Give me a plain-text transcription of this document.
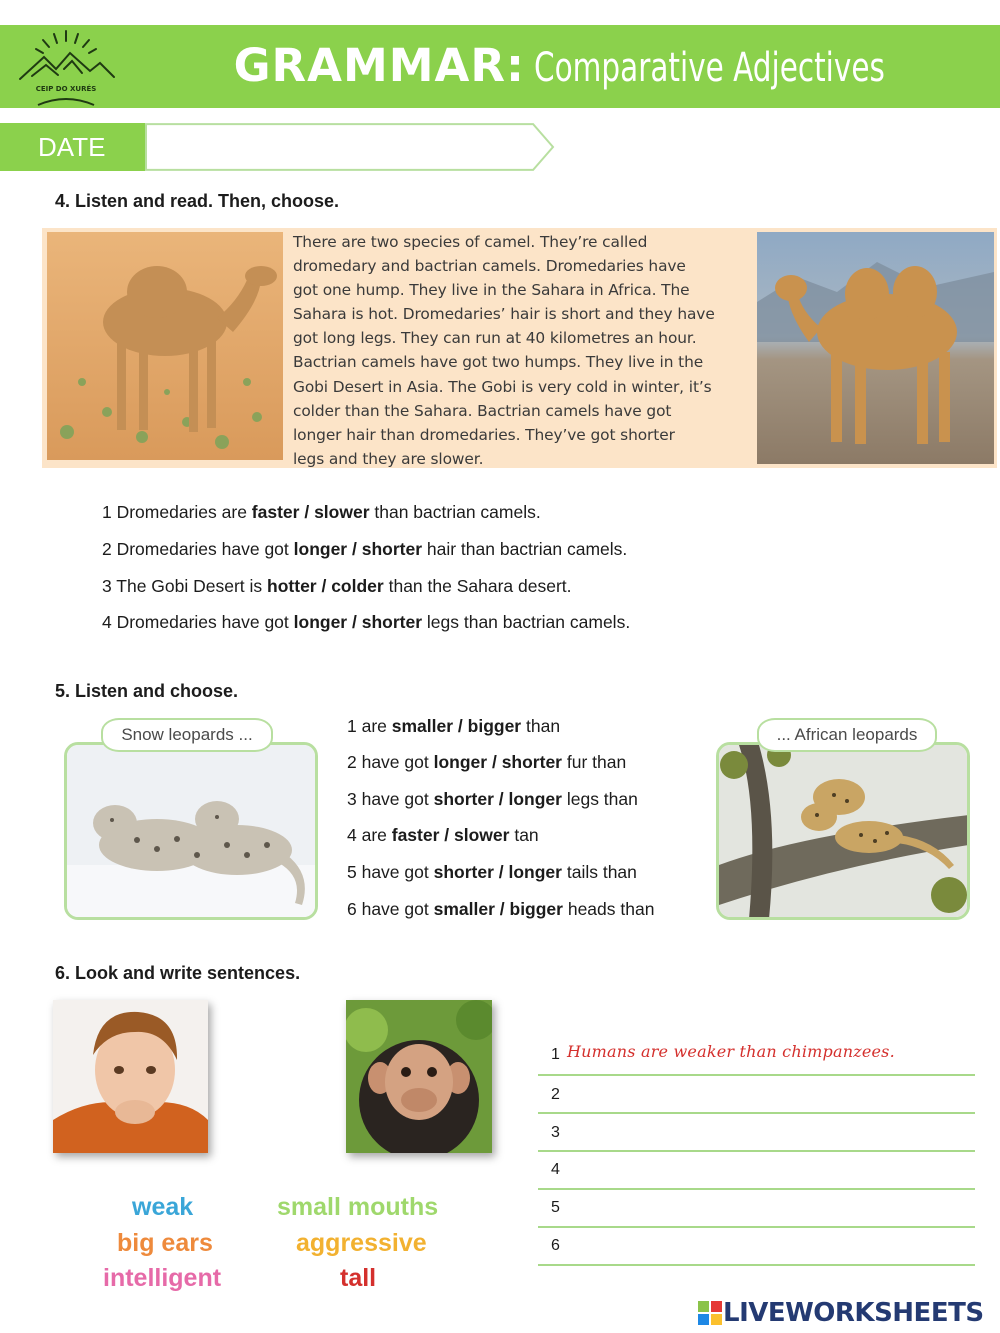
CEIP DO XURÉS	GRAMMAR: Comparative Adjectives
DATE
4. Listen and read. Then, choose.
There are two species of camel. They’re called
dromedary and bactrian camels. Dromedaries have
got one hump. They live in the Sahara in Africa. The
Sahara is hot. Dromedaries’ hair is short and they have
got long legs. They can run at 40 kilometres an hour.
Bactrian camels have got two humps. They live in the
Gobi Desert in Asia. The Gobi is very cold in winter, it’s
colder than the Sahara. Bactrian camels have got
longer hair than dromedaries. They’ve got shorter
legs and they are slower.
1 Dromedaries are faster / slower than bactrian camels.
2 Dromedaries have got longer / shorter hair than bactrian camels.
3 The Gobi Desert is hotter / colder than the Sahara desert.
4 Dromedaries have got longer / shorter legs than bactrian camels.
5. Listen and choose.
Snow leopards ...	... African leopards
1 are smaller / bigger than
2 have got longer / shorter fur than
3 have got shorter / longer legs than
4 are faster / slower tan
5 have got shorter / longer tails than
6 have got smaller / bigger heads than
6. Look and write sentences.
weak	small mouths
big ears	aggressive
intelligent	tall
1 Humans are weaker than chimpanzees.
2
3
4
5
6
LIVEWORKSHEETS
